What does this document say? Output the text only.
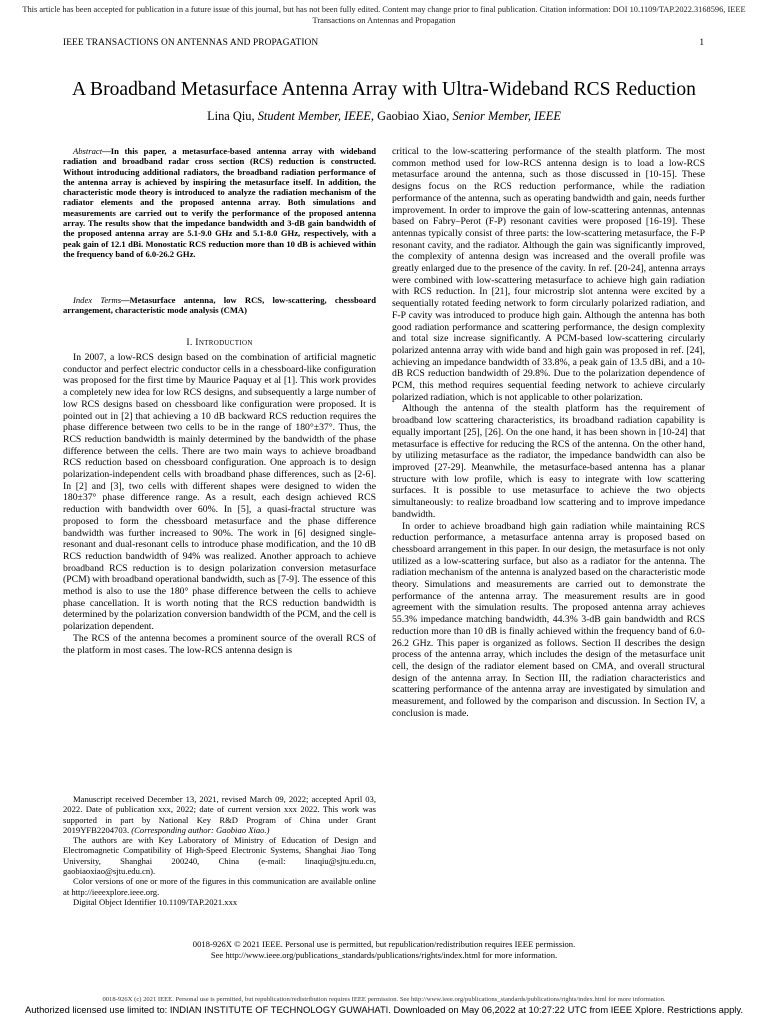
This article has been accepted for publication in a future issue of this journal, but has not been fully edited. Content may change prior to final publication. Citation information: DOI 10.1109/TAP.2022.3168596, IEEE
Transactions on Antennas and Propagation
IEEE TRANSACTIONS ON ANTENNAS AND PROPAGATION	1
A Broadband Metasurface Antenna Array with Ultra-Wideband RCS Reduction
Lina Qiu, Student Member, IEEE, Gaobiao Xiao, Senior Member, IEEE
Abstract—In this paper, a metasurface-based antenna array with wideband radiation and broadband radar cross section (RCS) reduction is constructed. Without introducing additional radiators, the broadband radiation performance of the antenna array is achieved by inspiring the metasurface itself. In addition, the characteristic mode theory is introduced to analyze the radiation mechanism of the radiator elements and the proposed antenna array. Both simulations and measurements are carried out to verify the performance of the proposed antenna array. The results show that the impedance bandwidth and 3-dB gain bandwidth of the proposed antenna array are 5.1-9.0 GHz and 5.1-8.0 GHz, respectively, with a peak gain of 12.1 dBi. Monostatic RCS reduction more than 10 dB is achieved within the frequency band of 6.0-26.2 GHz.
Index Terms—Metasurface antenna, low RCS, low-scattering, chessboard arrangement, characteristic mode analysis (CMA)
I. Introduction

In 2007, a low-RCS design based on the combination of artificial magnetic conductor and perfect electric conductor cells in a chessboard-like configuration was proposed for the first time by Maurice Paquay et al [1]. This work provides a completely new idea for low RCS designs, and subsequently a large number of low RCS designs based on chessboard like configuration were proposed. It is pointed out in [2] that achieving a 10 dB backward RCS reduction requires the phase difference between two cells to be in the range of 180°±37°. Thus, the RCS reduction bandwidth is mainly determined by the bandwidth of the phase difference between the cells. There are two main ways to achieve broadband RCS reduction based on chessboard configuration. One approach is to design polarization-independent cells with broadband phase differences, such as [2-6]. In [2] and [3], two cells with different shapes were designed to widen the 180±37° phase difference range. As a result, each design achieved RCS reduction with bandwidth over 60%. In [5], a quasi-fractal structure was proposed to form the chessboard metasurface and the phase difference bandwidth was further increased to 90%. The work in [6] designed single-resonant and dual-resonant cells to introduce phase modification, and the 10 dB RCS reduction bandwidth of 94% was realized. Another approach to achieve broadband RCS reduction is to design polarization conversion metasurface (PCM) with broadband operational bandwidth, such as [7-9]. The essence of this method is also to use the 180° phase difference between the cells to achieve phase cancellation. It is worth noting that the RCS reduction bandwidth is determined by the polarization conversion bandwidth of the PCM, and the cell is polarization dependent.

The RCS of the antenna becomes a prominent source of the overall RCS of the platform in most cases. The low-RCS antenna design is

Manuscript received December 13, 2021, revised March 09, 2022; accepted April 03, 2022. Date of publication xxx, 2022; date of current version xxx 2022. This work was supported in part by National Key R&D Program of China under Grant 2019YFB2204703. (Corresponding author: Gaobiao Xiao.)

The authors are with Key Laboratory of Ministry of Education of Design and Electromagnetic Compatibility of High-Speed Electronic Systems, Shanghai Jiao Tong University, Shanghai 200240, China (e-mail: linaqiu@sjtu.edu.cn, gaobiaoxiao@sjtu.edu.cn).

Color versions of one or more of the figures in this communication are available online at http://ieeexplore.ieee.org.

Digital Object Identifier 10.1109/TAP.2021.xxx

critical to the low-scattering performance of the stealth platform. The most common method used for low-RCS antenna design is to load a low-RCS metasurface around the antenna, such as those discussed in [10-15]. These designs focus on the RCS reduction performance, while the radiation performance of the antenna, such as operating bandwidth and gain, needs further improvement. In order to improve the gain of low-scattering antennas, antennas based on Fabry–Perot (F-P) resonant cavities were proposed [16-19]. These antennas typically consist of three parts: the low-scattering metasurface, the F-P resonant cavity, and the radiator. Although the gain was significantly improved, the complexity of antenna design was increased and the overall profile was greatly enlarged due to the presence of the cavity. In ref. [20-24], antenna arrays were combined with low-scattering metasurface to achieve high gain radiation with RCS reduction. In [21], four microstrip slot antenna were excited by a sequentially rotated feeding network to form circularly polarized radiation, and F-P cavity was introduced to produce high gain. Although the antenna has both good radiation performance and scattering performance, the design complexity and total size increase significantly. A PCM-based low-scattering circularly polarized antenna array with wide band and high gain was proposed in ref. [24], achieving an impedance bandwidth of 33.8%, a peak gain of 13.5 dBi, and a 10-dB RCS reduction bandwidth of 29.8%. Due to the polarization dependence of PCM, this method requires sequential feeding network to achieve circularly polarized radiation, which is not applicable to other polarization.

Although the antenna of the stealth platform has the requirement of broadband low scattering characteristics, its broadband radiation capability is equally important [25], [26]. On the one hand, it has been shown in [10-24] that metasurface is effective for reducing the RCS of the antenna. On the other hand, by utilizing metasurface as the radiator, the impedance bandwidth can also be improved [27-29]. Meanwhile, the metasurface-based antenna has a planar structure with low profile, which is easy to integrate with low scattering surfaces. It is possible to use metasurface to achieve the two objects simultaneously: to realize broadband low scattering and to improve impedance bandwidth.

In order to achieve broadband high gain radiation while maintaining RCS reduction performance, a metasurface antenna array is proposed based on chessboard arrangement in this paper. In our design, the metasurface is not only utilized as a low-scattering surface, but also as a radiator for the antenna. The radiation mechanism of the antenna is analyzed based on the characteristic mode theory. Simulations and measurements are carried out to demonstrate the performance of the antenna array. The measurement results are in good agreement with the simulation results. The proposed antenna array achieves 55.3% impedance matching bandwidth, 44.3% 3-dB gain bandwidth and RCS reduction more than 10 dB is finally achieved within the frequency band of 6.0-26.2 GHz. This paper is organized as follows. Section II describes the design process of the antenna array, which includes the design of the metasurface unit cell, the design of the radiator element based on CMA, and overall structural design of the antenna array. In Section III, the radiation characteristics and scattering performance of the antenna array are investigated by simulation and measurement, and followed by the comparison and discussion. In Section IV, a conclusion is made.

0018-926X © 2021 IEEE. Personal use is permitted, but republication/redistribution requires IEEE permission.
See http://www.ieee.org/publications_standards/publications/rights/index.html for more information.
0018-926X (c) 2021 IEEE. Personal use is permitted, but republication/redistribution requires IEEE permission. See http://www.ieee.org/publications_standards/publications/rights/index.html for more information.
Authorized licensed use limited to: INDIAN INSTITUTE OF TECHNOLOGY GUWAHATI. Downloaded on May 06,2022 at 10:27:22 UTC from IEEE Xplore. Restrictions apply.
